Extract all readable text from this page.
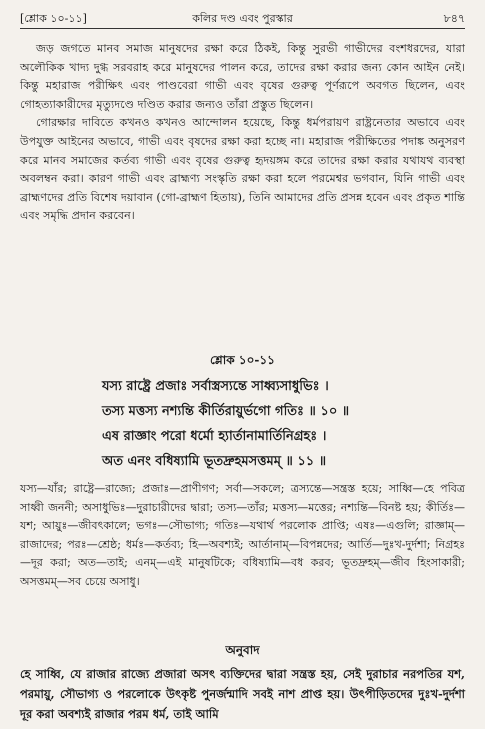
[শ্লোক ১০-১১]	কলির দণ্ড এবং পুরস্কার	৮৪৭

জড় জগতে মানব সমাজ মানুষদের রক্ষা করে ঠিকই, কিন্তু সুরভী গাভীদের বংশধরদের, যারা অলৌকিক খাদ্য দুগ্ধ সরবরাহ করে মানুষদের পালন করে, তাদের রক্ষা করার জন্য কোন আইন নেই। কিন্তু মহারাজ পরীক্ষিৎ এবং পাণ্ডবেরা গাভী এবং বৃষের গুরুত্ব পূর্ণরূপে অবগত ছিলেন, এবং গোহত্যাকারীদের মৃত্যুদণ্ডে দণ্ডিত করার জন্যও তাঁরা প্রস্তুত ছিলেন।

গোরক্ষার দাবিতে কখনও কখনও আন্দোলন হয়েছে, কিন্তু ধর্মপরায়ণ রাষ্ট্রনেতার অভাবে এবং উপযুক্ত আইনের অভাবে, গাভী এবং বৃষদের রক্ষা করা হচ্ছে না। মহারাজ পরীক্ষিতের পদাঙ্ক অনুসরণ করে মানব সমাজের কর্তব্য গাভী এবং বৃষের গুরুত্ব হৃদয়ঙ্গম করে তাদের রক্ষা করার যথাযথ ব্যবস্থা অবলম্বন করা। কারণ গাভী এবং ব্রাহ্মণ্য সংস্কৃতি রক্ষা করা হলে পরমেশ্বর ভগবান, যিনি গাভী এবং ব্রাহ্মণদের প্রতি বিশেষ দয়াবান (গো-ব্রাহ্মণ হিতায়), তিনি আমাদের প্রতি প্রসন্ন হবেন এবং প্রকৃত শান্তি এবং সমৃদ্ধি প্রদান করবেন।

শ্লোক ১০-১১
যস্য রাষ্ট্রে প্রজাঃ সর্বাস্ত্রস্যন্তে সাধ্ব্যসাধুভিঃ ।
তস্য মত্তস্য নশ্যন্তি কীর্তিরায়ুর্ভগো গতিঃ ॥ ১০ ॥
এষ রাজ্ঞাং পরো ধর্মো হ্যার্তানামার্তিনিগ্রহঃ ।
অত এনং বধিষ্যামি ভূতদ্রুহমসত্তমম্‌ ॥ ১১ ॥
যস্য—যাঁর; রাষ্ট্রে—রাজ্যে; প্রজাঃ—প্রাণীগণ; সর্বা—সকলে; ত্রস্যন্তে—সন্ত্রস্ত হয়ে; সাধ্বি—হে পবিত্র সাধ্বী জননী; অসাধুভিঃ—দুরাচারীদের দ্বারা; তস্য—তাঁর; মত্তস্য—মত্তের; নশ্যন্তি—বিনষ্ট হয়; কীর্তিঃ—যশ; আয়ুঃ—জীবৎকালে; ভগঃ—সৌভাগ্য; গতিঃ—যথার্থ পরলোক প্রাপ্তি; এষঃ—এগুলি; রাজ্ঞাম্‌—রাজাদের; পরঃ—শ্রেষ্ঠ; ধর্মঃ—কর্তব্য; হি—অবশ্যই; আর্তানাম্‌—বিপন্নদের; আর্তি—দুঃখ-দুর্দশা; নিগ্রহঃ—দূর করা; অত—তাই; এনম্‌—এই মানুষটিকে; বধিষ্যামি—বধ করব; ভূতদ্রুহম্‌—জীব হিংসাকারী; অসত্তমম্‌—সব চেয়ে অসাধু।
অনুবাদ
হে সাধ্বি, যে রাজার রাজ্যে প্রজারা অসৎ ব্যক্তিদের দ্বারা সন্ত্রস্ত হয়, সেই দুরাচার নরপতির যশ, পরমায়ু, সৌভাগ্য ও পরলোকে উৎকৃষ্ট পুনর্জন্মাদি সবই নাশ প্রাপ্ত হয়। উৎপীড়িতদের দুঃখ-দুর্দশা দূর করা অবশ্যই রাজার পরম ধর্ম, তাই আমি
